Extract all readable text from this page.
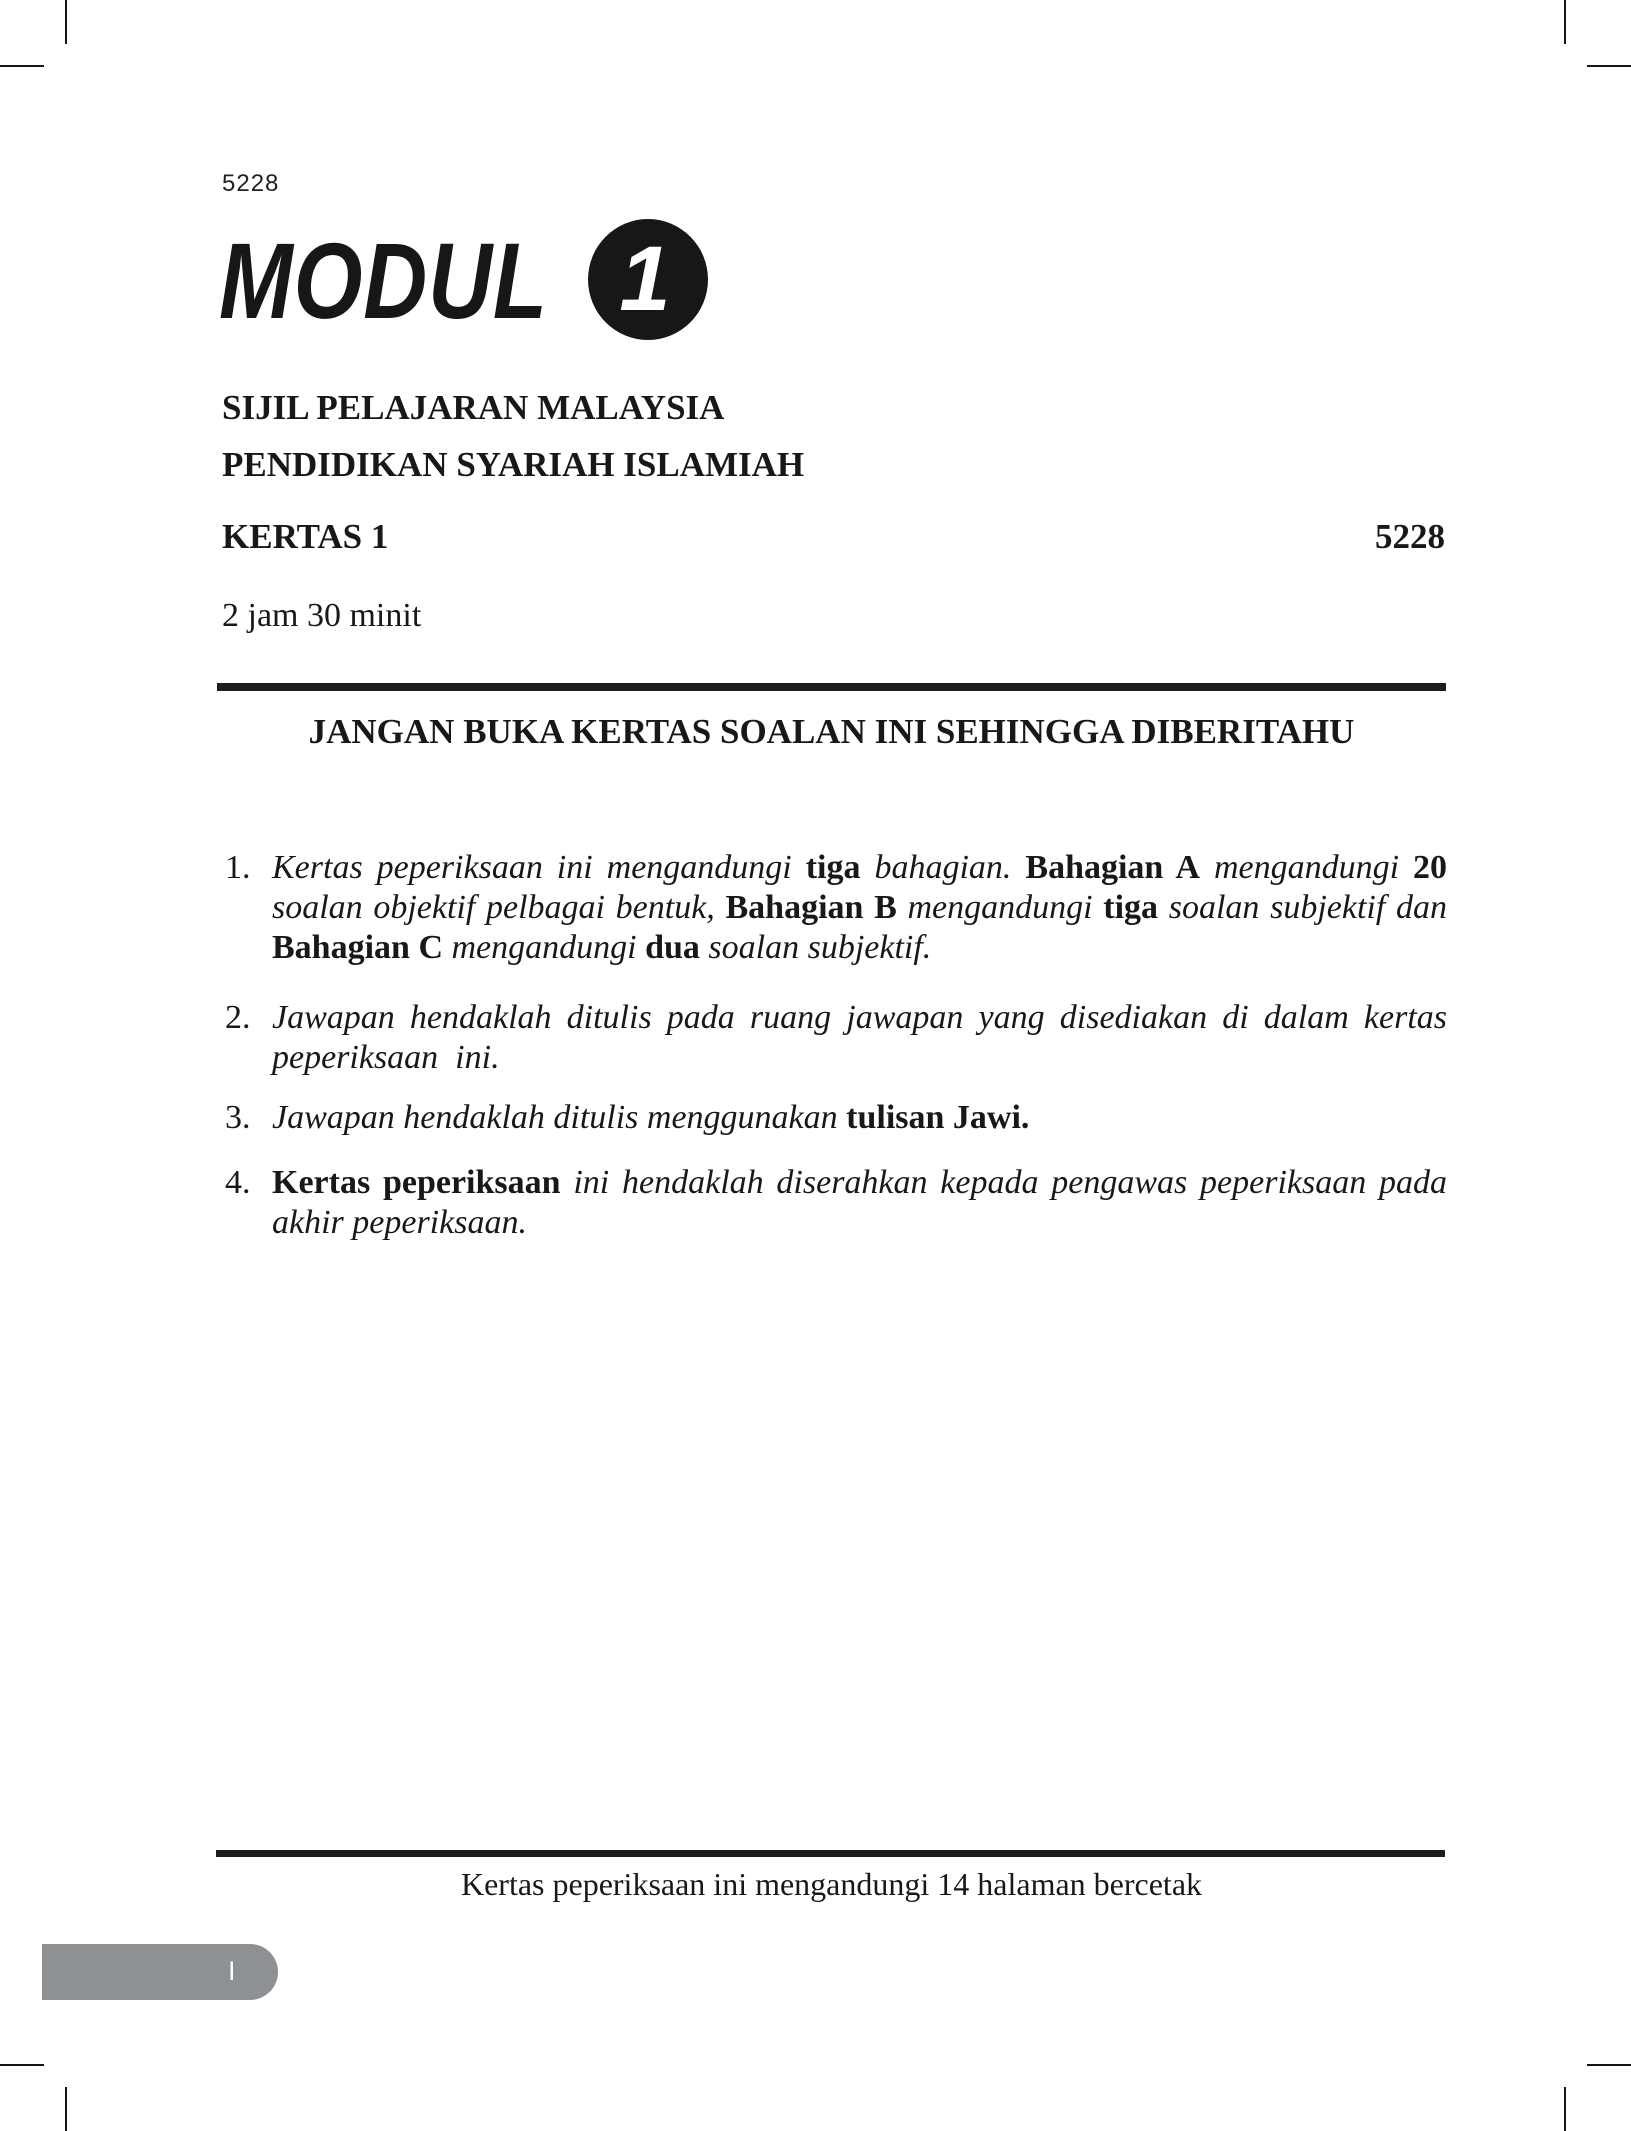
5228
MODUL 1
SIJIL PELAJARAN MALAYSIA
PENDIDIKAN SYARIAH ISLAMIAH
KERTAS 1	5228
2 jam 30 minit
JANGAN BUKA KERTAS SOALAN INI SEHINGGA DIBERITAHU
1. Kertas peperiksaan ini mengandungi tiga bahagian. Bahagian A mengandungi 20 soalan objektif pelbagai bentuk, Bahagian B mengandungi tiga soalan subjektif dan Bahagian C mengandungi dua soalan subjektif.

2. Jawapan hendaklah ditulis pada ruang jawapan yang disediakan di dalam kertas peperiksaan  ini.

3. Jawapan hendaklah ditulis menggunakan tulisan Jawi.

4. Kertas peperiksaan ini hendaklah diserahkan kepada pengawas peperiksaan pada akhir peperiksaan.

Kertas peperiksaan ini mengandungi 14 halaman bercetak
I
